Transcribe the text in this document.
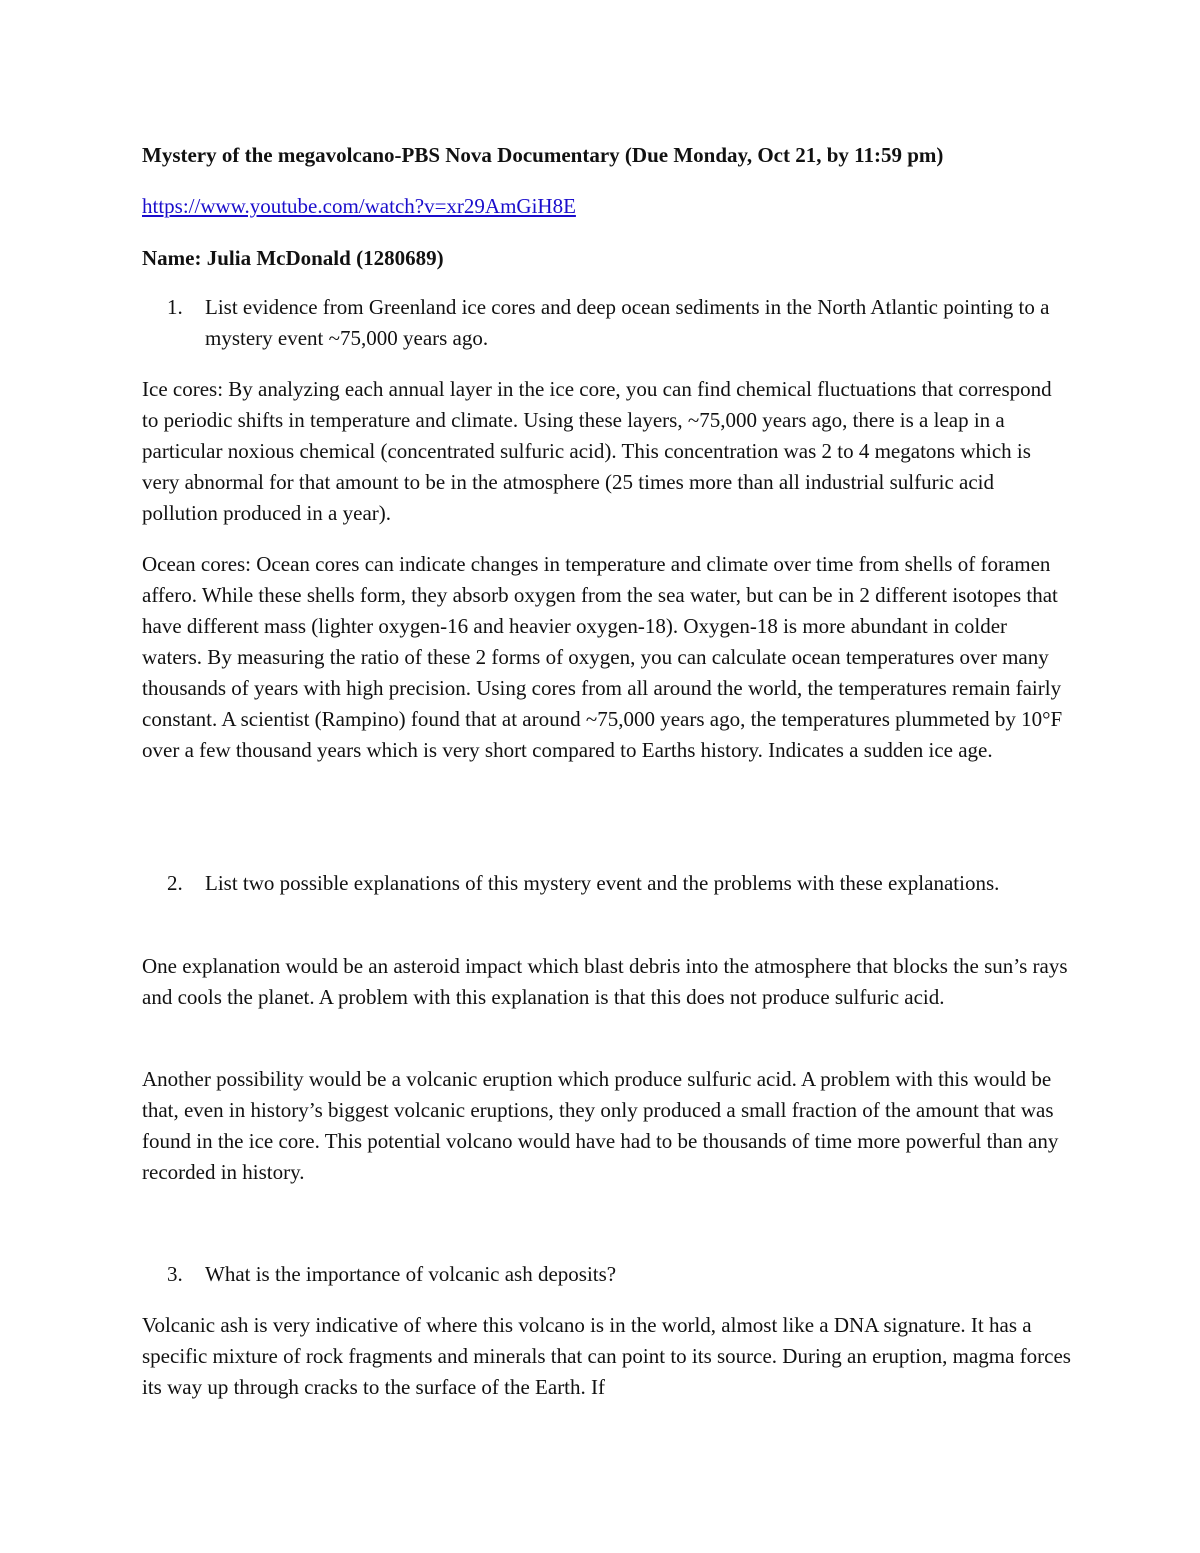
Mystery of the megavolcano-PBS Nova Documentary (Due Monday, Oct 21, by 11:59 pm)

https://www.youtube.com/watch?v=xr29AmGiH8E

Name: Julia McDonald (1280689)

1.	List evidence from Greenland ice cores and deep ocean sediments in the North Atlantic pointing to a mystery event ~75,000 years ago.

Ice cores: By analyzing each annual layer in the ice core, you can find chemical fluctuations that correspond to periodic shifts in temperature and climate. Using these layers, ~75,000 years ago, there is a leap in a particular noxious chemical (concentrated sulfuric acid). This concentration was 2 to 4 megatons which is very abnormal for that amount to be in the atmosphere (25 times more than all industrial sulfuric acid pollution produced in a year).

Ocean cores: Ocean cores can indicate changes in temperature and climate over time from shells of foramen affero. While these shells form, they absorb oxygen from the sea water, but can be in 2 different isotopes that have different mass (lighter oxygen-16 and heavier oxygen-18). Oxygen-18 is more abundant in colder waters. By measuring the ratio of these 2 forms of oxygen, you can calculate ocean temperatures over many thousands of years with high precision. Using cores from all around the world, the temperatures remain fairly constant. A scientist (Rampino) found that at around ~75,000 years ago, the temperatures plummeted by 10°F over a few thousand years which is very short compared to Earths history. Indicates a sudden ice age.

2.	List two possible explanations of this mystery event and the problems with these explanations.

One explanation would be an asteroid impact which blast debris into the atmosphere that blocks the sun’s rays and cools the planet. A problem with this explanation is that this does not produce sulfuric acid.

Another possibility would be a volcanic eruption which produce sulfuric acid. A problem with this would be that, even in history’s biggest volcanic eruptions, they only produced a small fraction of the amount that was found in the ice core. This potential volcano would have had to be thousands of time more powerful than any recorded in history.

3.	What is the importance of volcanic ash deposits?

Volcanic ash is very indicative of where this volcano is in the world, almost like a DNA signature. It has a specific mixture of rock fragments and minerals that can point to its source. During an eruption, magma forces its way up through cracks to the surface of the Earth. If
